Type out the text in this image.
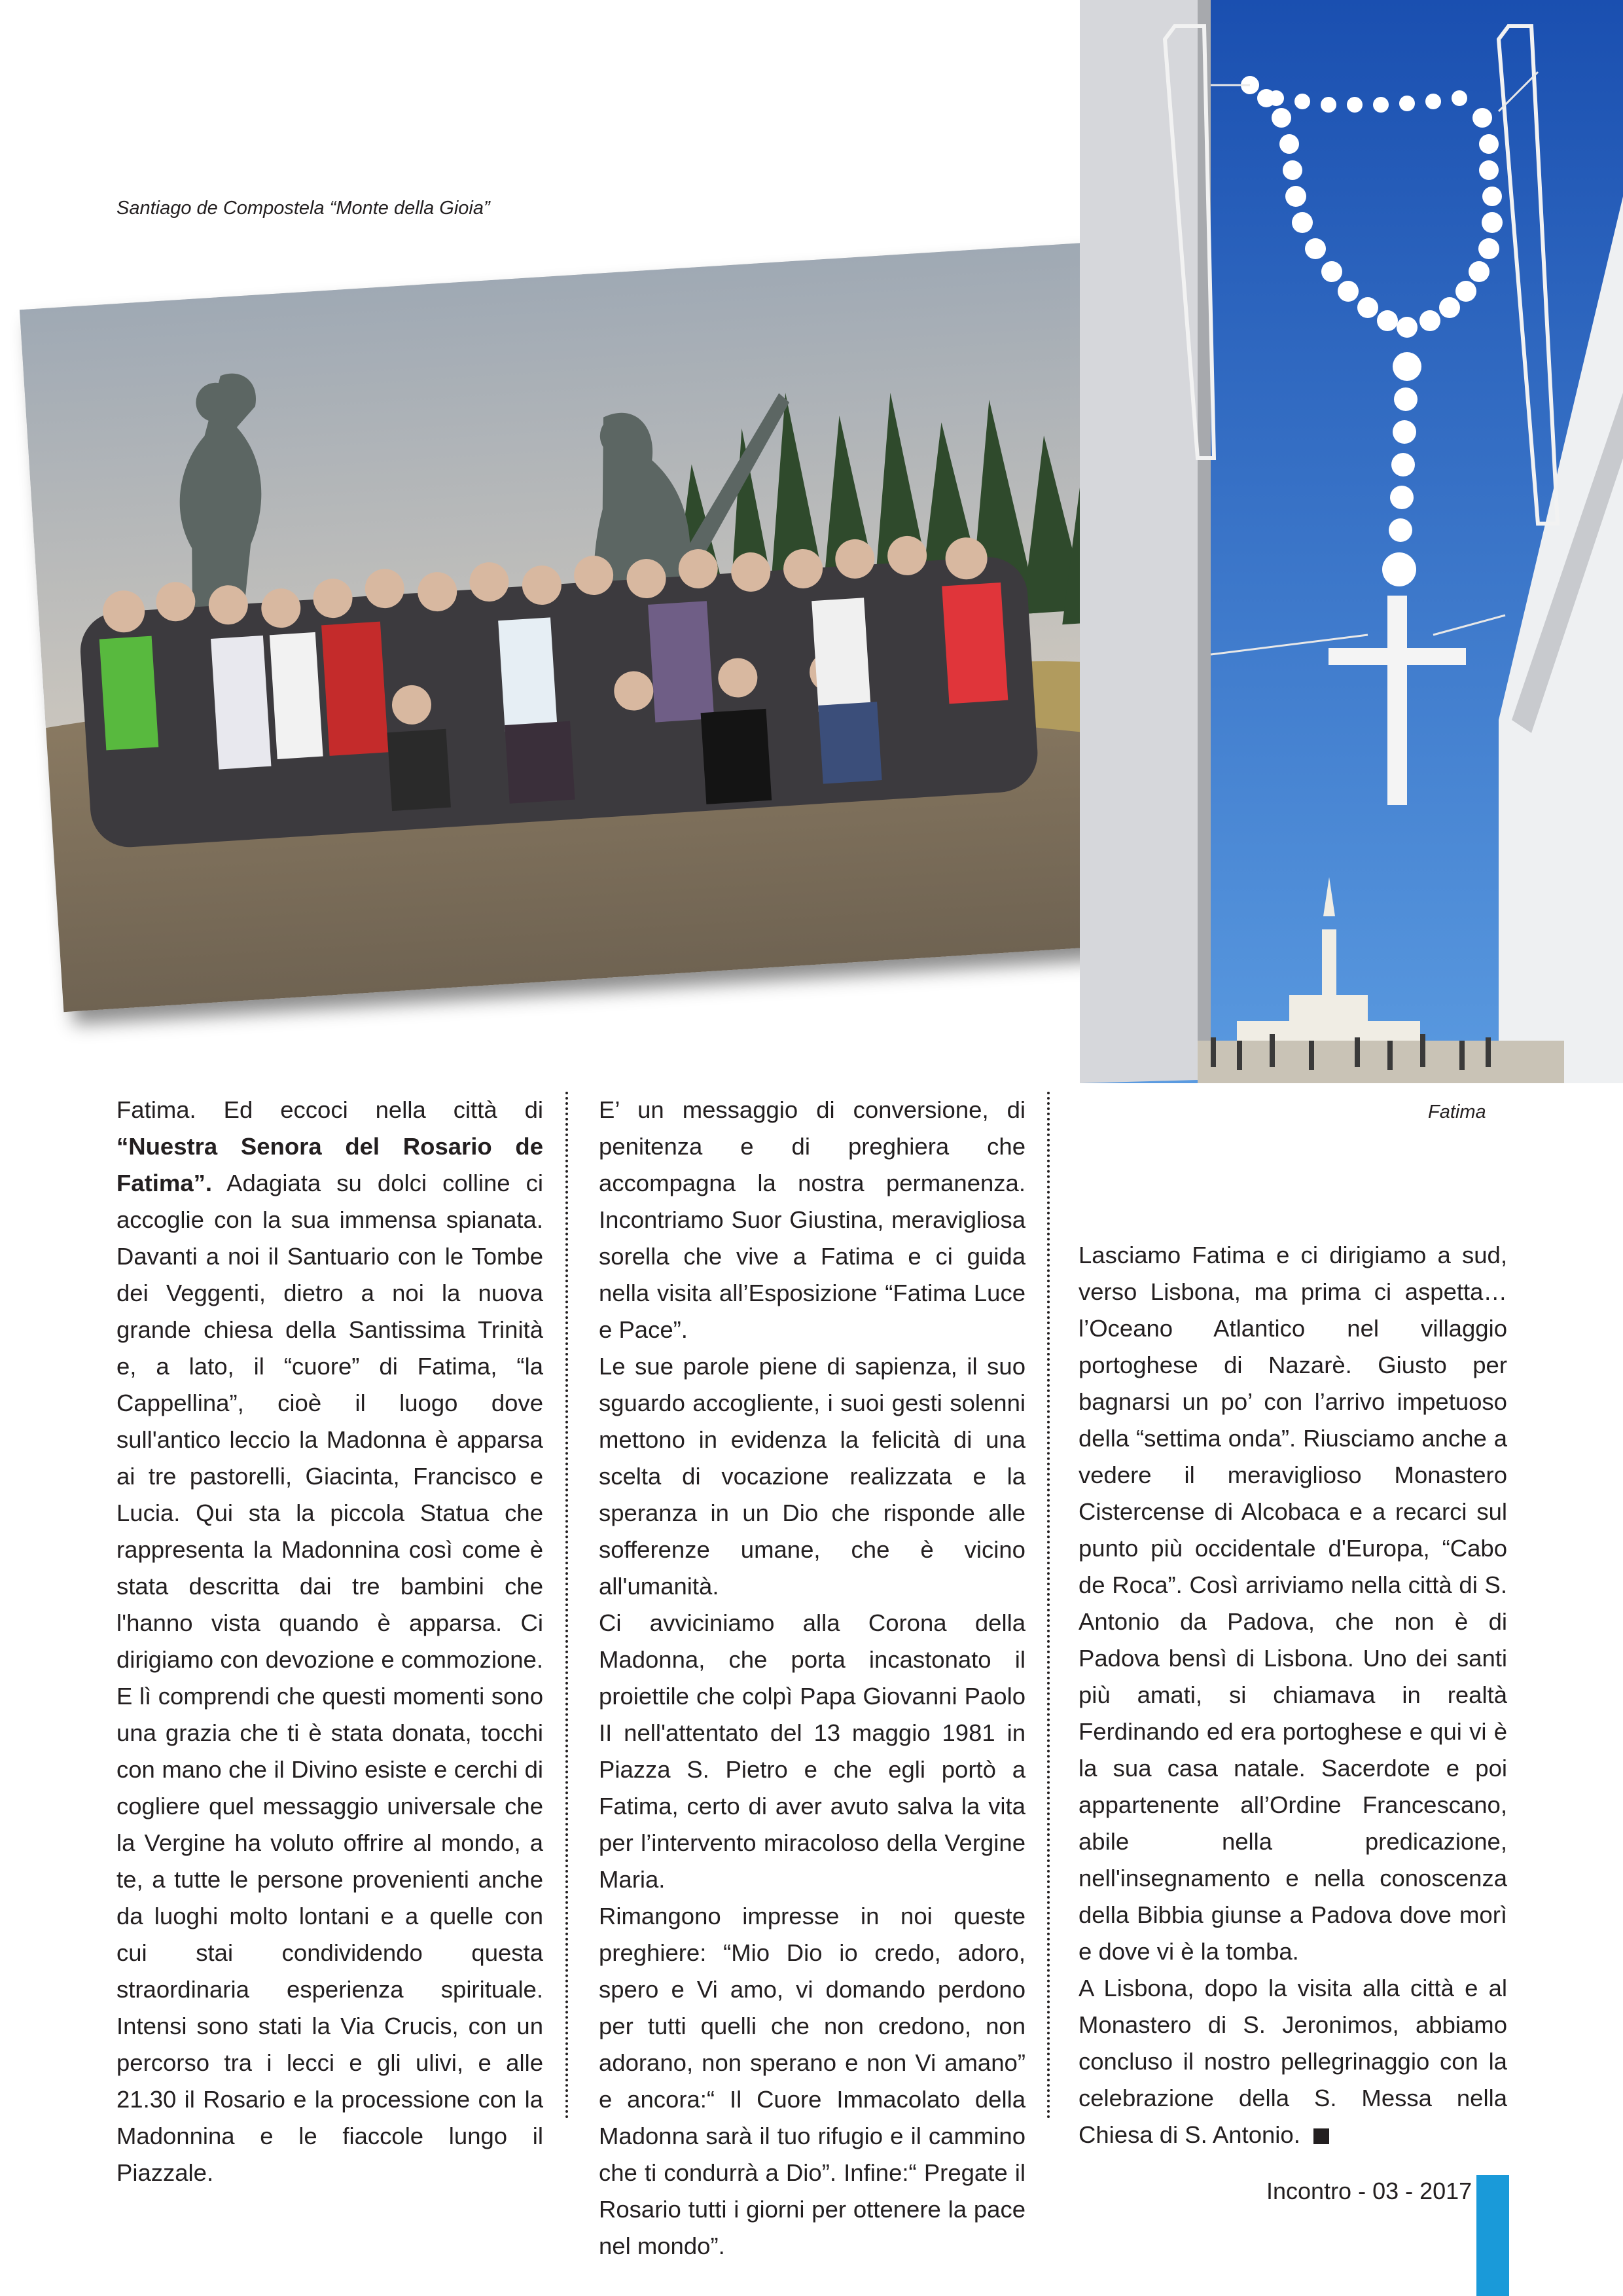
Santiago de Compostela “Monte della Gioia”
Fatima

Fatima. Ed eccoci nella città di “Nuestra Senora del Rosario de Fatima”. Adagiata su dolci colline ci accoglie con la sua immensa spianata. Davanti a noi il Santuario con le Tombe dei Veggenti, dietro a noi la nuova grande chiesa della Santissima Trinità e, a lato, il “cuore” di Fatima, “la Cappellina”, cioè il luogo dove sull'antico leccio la Madonna è apparsa ai tre pastorelli, Giacinta, Francisco e Lucia. Qui sta la piccola Statua che rappresenta la Madonnina così come è stata descritta dai tre bambini che l'hanno vista quando è apparsa. Ci dirigiamo con devozione e commozione. E lì comprendi che questi momenti sono una grazia che ti è stata donata, tocchi con mano che il Divino esiste e cerchi di cogliere quel messaggio universale che la Vergine ha voluto offrire al mondo, a te, a tutte le persone provenienti anche da luoghi molto lontani e a quelle con cui stai condividendo questa straordinaria esperienza spirituale. Intensi sono stati la Via Crucis, con un percorso tra i lecci e gli ulivi, e alle 21.30 il Rosario e la processione con la Madonnina e le fiaccole lungo il Piazzale.

E’ un messaggio di conversione, di penitenza e di preghiera che accompagna la nostra permanenza. Incontriamo Suor Giustina, meravigliosa sorella che vive a Fatima e ci guida nella visita all’Esposizione “Fatima Luce e Pace”.

Le sue parole piene di sapienza, il suo sguardo accogliente, i suoi gesti solenni mettono in evidenza la felicità di una scelta di vocazione realizzata e la speranza in un Dio che risponde alle sofferenze umane, che è vicino all'umanità.

Ci avviciniamo alla Corona della Madonna, che porta incastonato il proiettile che colpì Papa Giovanni Paolo II nell'attentato del 13 maggio 1981 in Piazza S. Pietro e che egli portò a Fatima, certo di aver avuto salva la vita per l’intervento miracoloso della Vergine Maria.

Rimangono impresse in noi queste preghiere: “Mio Dio io credo, adoro, spero e Vi amo, vi domando perdono per tutti quelli che non credono, non adorano, non sperano e non Vi amano” e ancora:“ Il Cuore Immacolato della Madonna sarà il tuo rifugio e il cammino che ti condurrà a Dio”. Infine:“ Pregate il Rosario tutti i giorni per ottenere la pace nel mondo”.

Lasciamo Fatima e ci dirigiamo a sud, verso Lisbona, ma prima ci aspetta…l’Oceano Atlantico nel villaggio portoghese di Nazarè. Giusto per bagnarsi un po’ con l’arrivo impetuoso della “settima onda”. Riusciamo anche a vedere il meraviglioso Monastero Cistercense di Alcobaca e a recarci sul punto più occidentale d'Europa, “Cabo de Roca”. Così arriviamo nella città di S. Antonio da Padova, che non è di Padova bensì di Lisbona. Uno dei santi più amati, si chiamava in realtà Ferdinando ed era portoghese e qui vi è la sua casa natale. Sacerdote e poi appartenente all’Ordine Francescano, abile nella predicazione, nell'insegnamento e nella conoscenza della Bibbia giunse a Padova dove morì e dove vi è la tomba.

A Lisbona, dopo la visita alla città e al Monastero di S. Jeronimos, abbiamo concluso il nostro pellegrinaggio con la celebrazione della S. Messa nella Chiesa di S. Antonio.

Incontro - 03 - 2017
